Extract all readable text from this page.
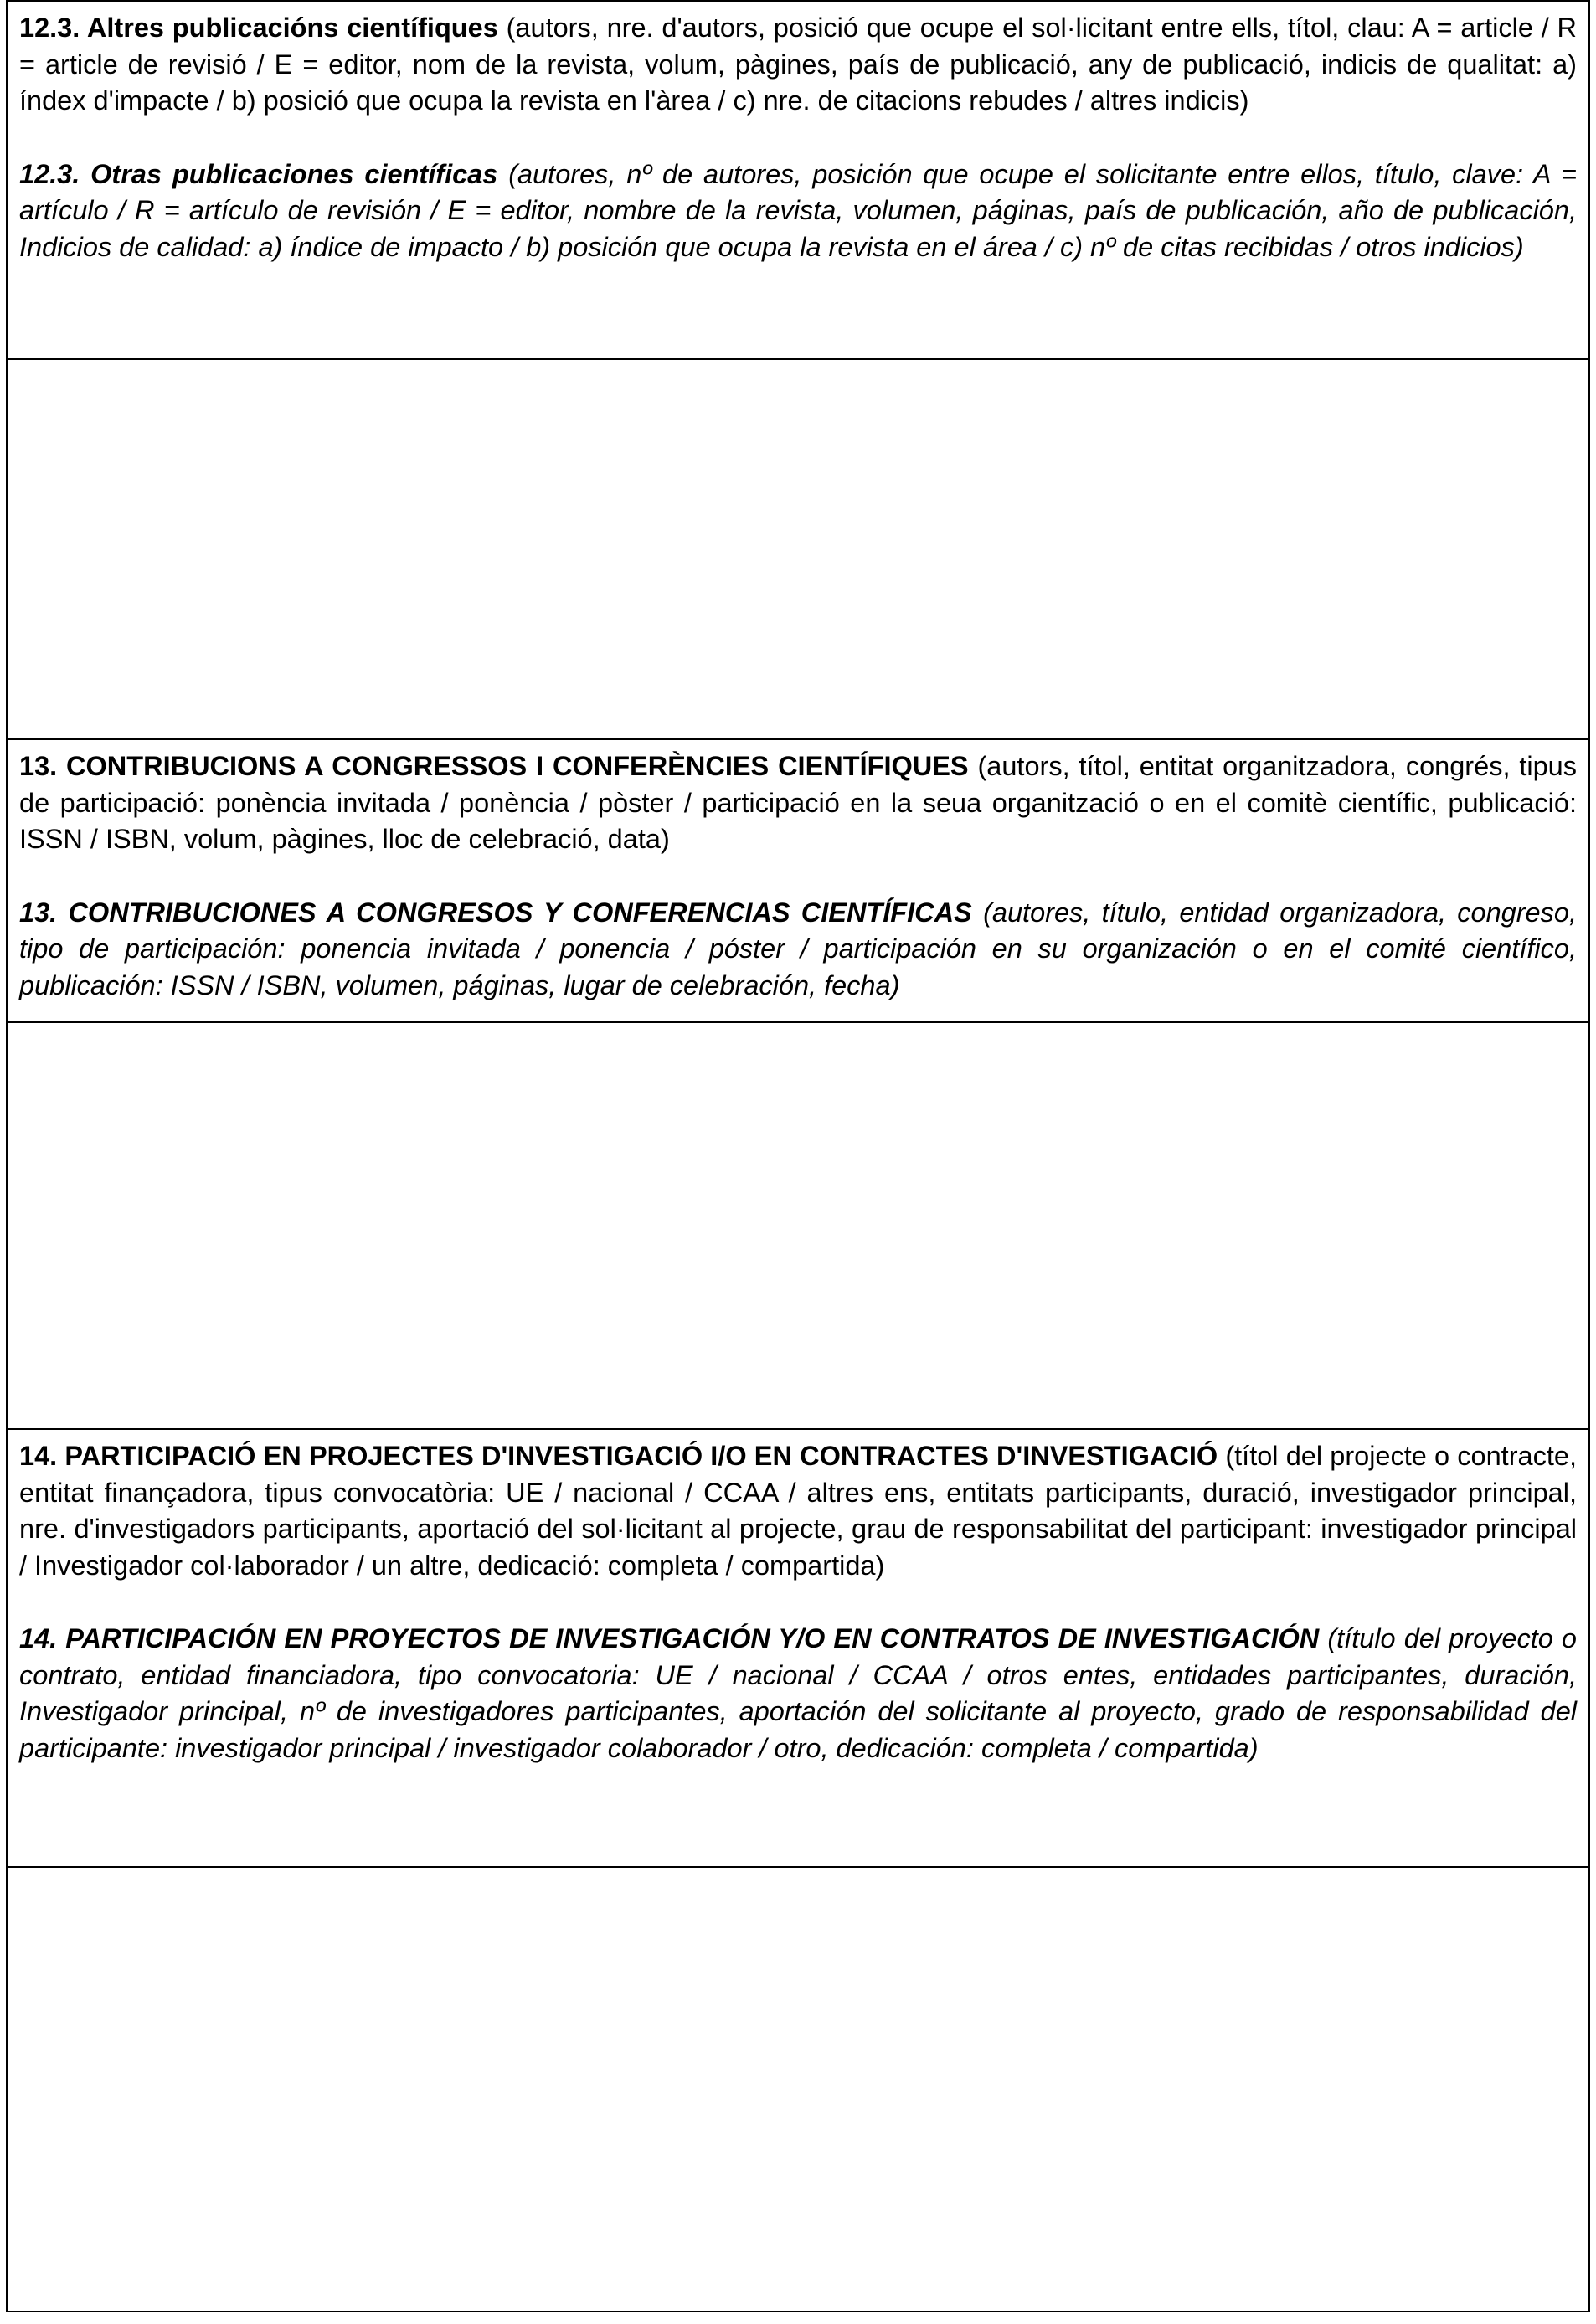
12.3. Altres publicacións científiques (autors, nre. d'autors, posició que ocupe el sol·licitant entre ells, títol, clau: A = article / R = article de revisió / E = editor, nom de la revista, volum, pàgines, país de publicació, any de publicació, indicis de qualitat: a) índex d'impacte / b) posició que ocupa la revista en l'àrea / c) nre. de citacions rebudes / altres indicis)

12.3. Otras publicaciones científicas (autores, nº de autores, posición que ocupe el solicitante entre ellos, título, clave: A = artículo / R = artículo de revisión / E = editor, nombre de la revista, volumen, páginas, país de publicación, año de publicación, Indicios de calidad: a) índice de impacto / b) posición que ocupa la revista en el área / c) nº de citas recibidas / otros indicios)

13. CONTRIBUCIONS A CONGRESSOS I CONFERÈNCIES CIENTÍFIQUES (autors, títol, entitat organitzadora, congrés, tipus de participació: ponència invitada / ponència / pòster / participació en la seua organització o en el comitè científic, publicació: ISSN / ISBN, volum, pàgines, lloc de celebració, data)

13. CONTRIBUCIONES A CONGRESOS Y CONFERENCIAS CIENTÍFICAS (autores, título, entidad organizadora, congreso, tipo de participación: ponencia invitada / ponencia / póster / participación en su organización o en el comité científico, publicación: ISSN / ISBN, volumen, páginas, lugar de celebración, fecha)

14. PARTICIPACIÓ EN PROJECTES D'INVESTIGACIÓ I/O EN CONTRACTES D'INVESTIGACIÓ (títol del projecte o contracte, entitat finançadora, tipus convocatòria: UE / nacional / CCAA / altres ens, entitats participants, duració, investigador principal, nre. d'investigadors participants, aportació del sol·licitant al projecte, grau de responsabilitat del participant: investigador principal / Investigador col·laborador / un altre, dedicació: completa / compartida)

14. PARTICIPACIÓN EN PROYECTOS DE INVESTIGACIÓN Y/O EN CONTRATOS DE INVESTIGACIÓN (título del proyecto o contrato, entidad financiadora, tipo convocatoria: UE / nacional / CCAA / otros entes, entidades participantes, duración, Investigador principal, nº de investigadores participantes, aportación del solicitante al proyecto, grado de responsabilidad del participante: investigador principal / investigador colaborador / otro, dedicación: completa / compartida)
